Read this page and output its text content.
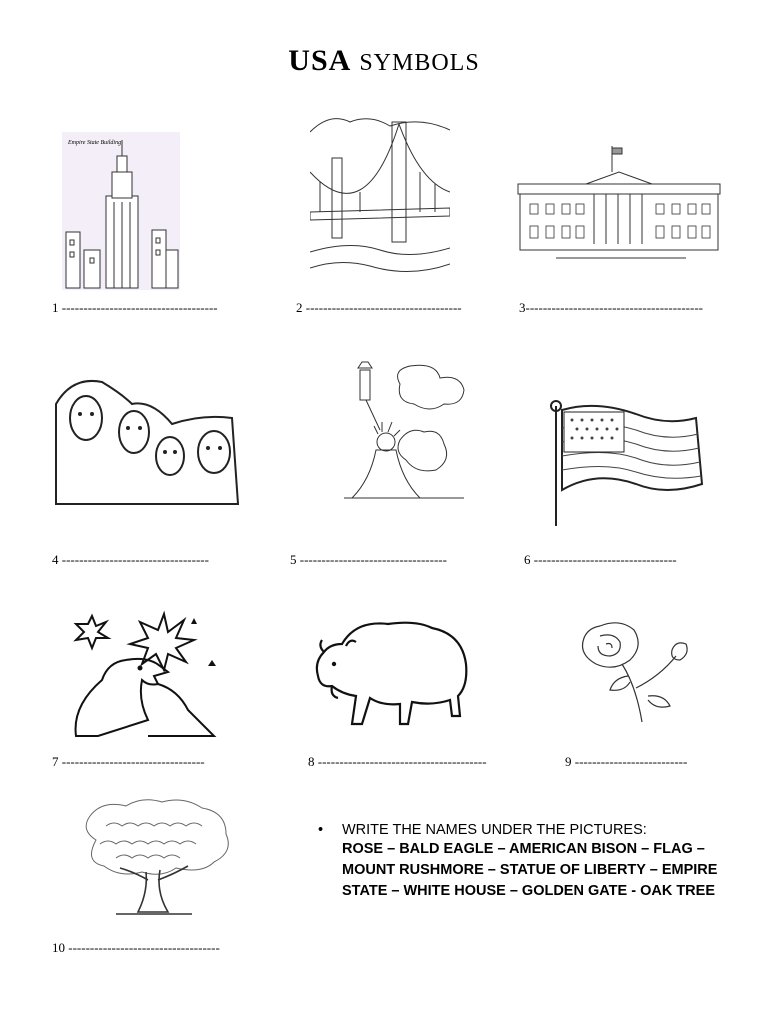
USA SYMBOLS
Empire State Building
1 ------------------------------------	2 ------------------------------------	3-----------------------------------------
4 ----------------------------------	5 ----------------------------------	6 ---------------------------------
7 ---------------------------------	8 ---------------------------------------	9 --------------------------
10 -----------------------------------
•	WRITE THE NAMES UNDER THE PICTURES:
ROSE – BALD EAGLE – AMERICAN BISON – FLAG – MOUNT RUSHMORE – STATUE OF LIBERTY – EMPIRE STATE – WHITE HOUSE – GOLDEN GATE - OAK TREE
